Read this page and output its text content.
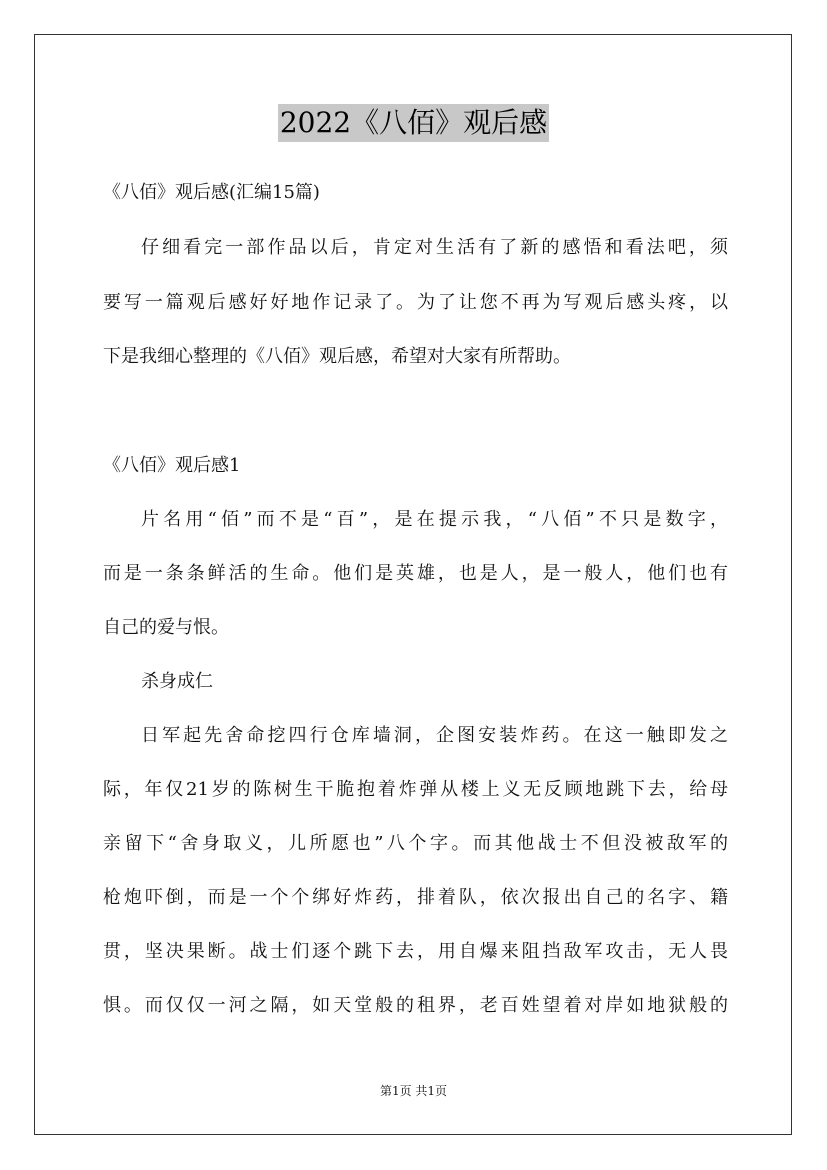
2022《八佰》观后感
《八佰》观后感(汇编15篇)
仔细看完一部作品以后，肯定对生活有了新的感悟和看法吧，须
要写一篇观后感好好地作记录了。为了让您不再为写观后感头疼，以
下是我细心整理的《八佰》观后感，希望对大家有所帮助。
《八佰》观后感1
片名用“佰”而不是“百”，是在提示我，“八佰”不只是数字，
而是一条条鲜活的生命。他们是英雄，也是人，是一般人，他们也有
自己的爱与恨。
杀身成仁
日军起先舍命挖四行仓库墙洞，企图安装炸药。在这一触即发之
际，年仅21岁的陈树生干脆抱着炸弹从楼上义无反顾地跳下去，给母
亲留下“舍身取义，儿所愿也”八个字。而其他战士不但没被敌军的
枪炮吓倒，而是一个个绑好炸药，排着队，依次报出自己的名字、籍
贯，坚决果断。战士们逐个跳下去，用自爆来阻挡敌军攻击，无人畏
惧。而仅仅一河之隔，如天堂般的租界，老百姓望着对岸如地狱般的
第1页 共1页
